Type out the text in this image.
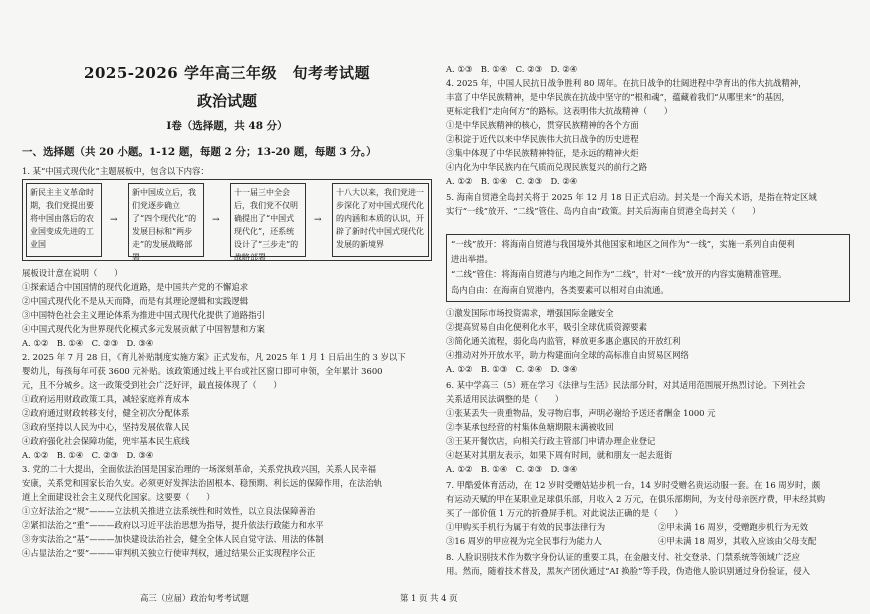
2025-2026 学年高三年级　旬考考试题
政治试题
Ⅰ卷（选择题，共 48 分）
一、选择题（共 20 小题。1-12 题，每题 2 分；13-20 题，每题 3 分。）
1. 某“中国式现代化”主题展板中，包含以下内容：
新民主主义革命时期，我们党提出要将中国由落后的农业国变成先进的工业国
→
新中国成立后，我们党逐步确立了“四个现代化”的发展目标和“两步走”的发展战略部署
→
十一届三中全会后，我们党不仅明确提出了“中国式现代化”，还系统设计了“三步走”的战略部署
→
十八大以来，我们党进一步深化了对中国式现代化的内涵和本质的认识，开辟了新时代中国式现代化发展的新境界
展板设计意在说明（　　）
①探索适合中国国情的现代化道路，是中国共产党的不懈追求
②中国式现代化不是从天而降，而是有其理论逻辑和实践逻辑
③中国特色社会主义理论体系为推进中国式现代化提供了道路指引
④中国式现代化为世界现代化模式多元发展贡献了中国智慧和方案
A. ①②　B. ①④　C. ②③　D. ③④
2. 2025 年 7 月 28 日，《育儿补贴制度实施方案》正式发布，凡 2025 年 1 月 1 日后出生的 3 岁以下
婴幼儿，每孩每年可获 3600 元补贴。该政策通过线上平台或社区窗口即可申领，全年累计 3600
元，且不分城乡。这一政策受到社会广泛好评，最直接体现了（　　）
①政府运用财政政策工具，减轻家庭养育成本
②政府通过财政转移支付，健全初次分配体系
③政府坚持以人民为中心，坚持发展依靠人民
④政府强化社会保障功能，兜牢基本民生底线
A. ①②　B. ①④　C. ②③　D. ③④
3. 党的二十大提出，全面依法治国是国家治理的一场深刻革命，关系党执政兴国，关系人民幸福
安康，关系党和国家长治久安。必须更好发挥法治固根本、稳预期、利长远的保障作用，在法治轨
道上全面建设社会主义现代化国家。这要要（　　）
①立好法治之“规”———立法机关推进立法系统性和时效性，以立良法保障善治
②紧扣法治之“重”———政府以习近平法治思想为指导，提升依法行政能力和水平
③夯实法治之“基”———加快建设法治社会，健全全体人民自觉守法、用法的体制
④占显法治之“要”———审判机关独立行使审判权，通过结果公正实现程序公正
高三（应届）政治旬考考试题
A. ①③　B. ①④　C. ②③　D. ②④
4. 2025 年，中国人民抗日战争胜利 80 周年。在抗日战争的壮阔进程中孕育出的伟大抗战精神，
丰富了中华民族精神，是中华民族在抗战中坚守的“根和魂”，蕴藏着我们“从哪里来”的基因，
更标定我们“走向何方”的路标。这表明伟大抗战精神（　　）
①是中华民族精神的核心，贯穿民族精神的各个方面
②积淀于近代以来中华民族伟大抗日战争的历史进程
③集中体现了中华民族精神特征，是永远的精神火炬
④内化为中华民族内在气质而兑现民族复兴的前行之路
A. ①②　B. ①④　C. ②③　D. ②④
5. 海南自贸港全岛封关将于 2025 年 12 月 18 日正式启动。封关是一个海关术语，是指在特定区域
实行“一线”放开、“二线”管住、岛内自由”政策。封关后海南自贸港全岛封关（　　）
“一线”放开：将海南自贸港与我国境外其他国家和地区之间作为“一线”，实施一系列自由便利
进出举措。
“二线”管住：将海南自贸港与内地之间作为“二线”，针对“一线”放开的内容实施精准管理。
岛内自由：在海南自贸港内，各类要素可以相对自由流通。
①激发国际市场投资需求，增强国际金融安全
②提高贸易自由化便利化水平，吸引全球优质资源要素
③简化通关流程，弱化岛内监管，释放更多惠企惠民的开放红利
④推动对外开放水平，助力构建面向全球的高标准自由贸易区网络
A. ①②　B. ①③　C. ②④　D. ③④
6. 某中学高三（5）班在学习《法律与生活》民法部分时，对其适用范围展开热烈讨论。下列社会
关系适用民法调整的是（　　）
①张某丢失一贵重物品，发寻物启事，声明必谢给予送还者酬金 1000 元
②李某承包经营的村集体鱼塘期限未满被收回
③王某开餐饮店，向相关行政主管部门申请办理企业登记
④赵某对其朋友表示，如果下周有时间，就和朋友一起去逛街
A. ①②　B. ①④　C. ②③　D. ③④
7. 甲酷爱体育活动，在 12 岁时受赠姑姑步机一台，14 岁时受赠名贵运动服一套。在 16 周岁时，颇
有运动天赋的甲在某职业足球俱乐部，月收入 2 万元，在俱乐部期间，为支付母亲医疗费，甲未经其购
买了一部价值 1 万元的折叠屏手机。对此说法正确的是（　　）
①甲购买手机行为属于有效的民事法律行为	②甲未满 16 周岁，受赠跑步机行为无效
③16 周岁的甲应视为完全民事行为能力人	④甲未满 18 周岁，其收入应该由父母支配
8. 人脸识别技术作为数字身份认证的重要工具，在金融支付、社交登录、门禁系统等领域广泛应
用。然而，随着技术普及，黑灰产团伙通过“AI 换脸”等手段，伪造他人脸识别通过身份验证，侵入
第 1 页 共 4 页
